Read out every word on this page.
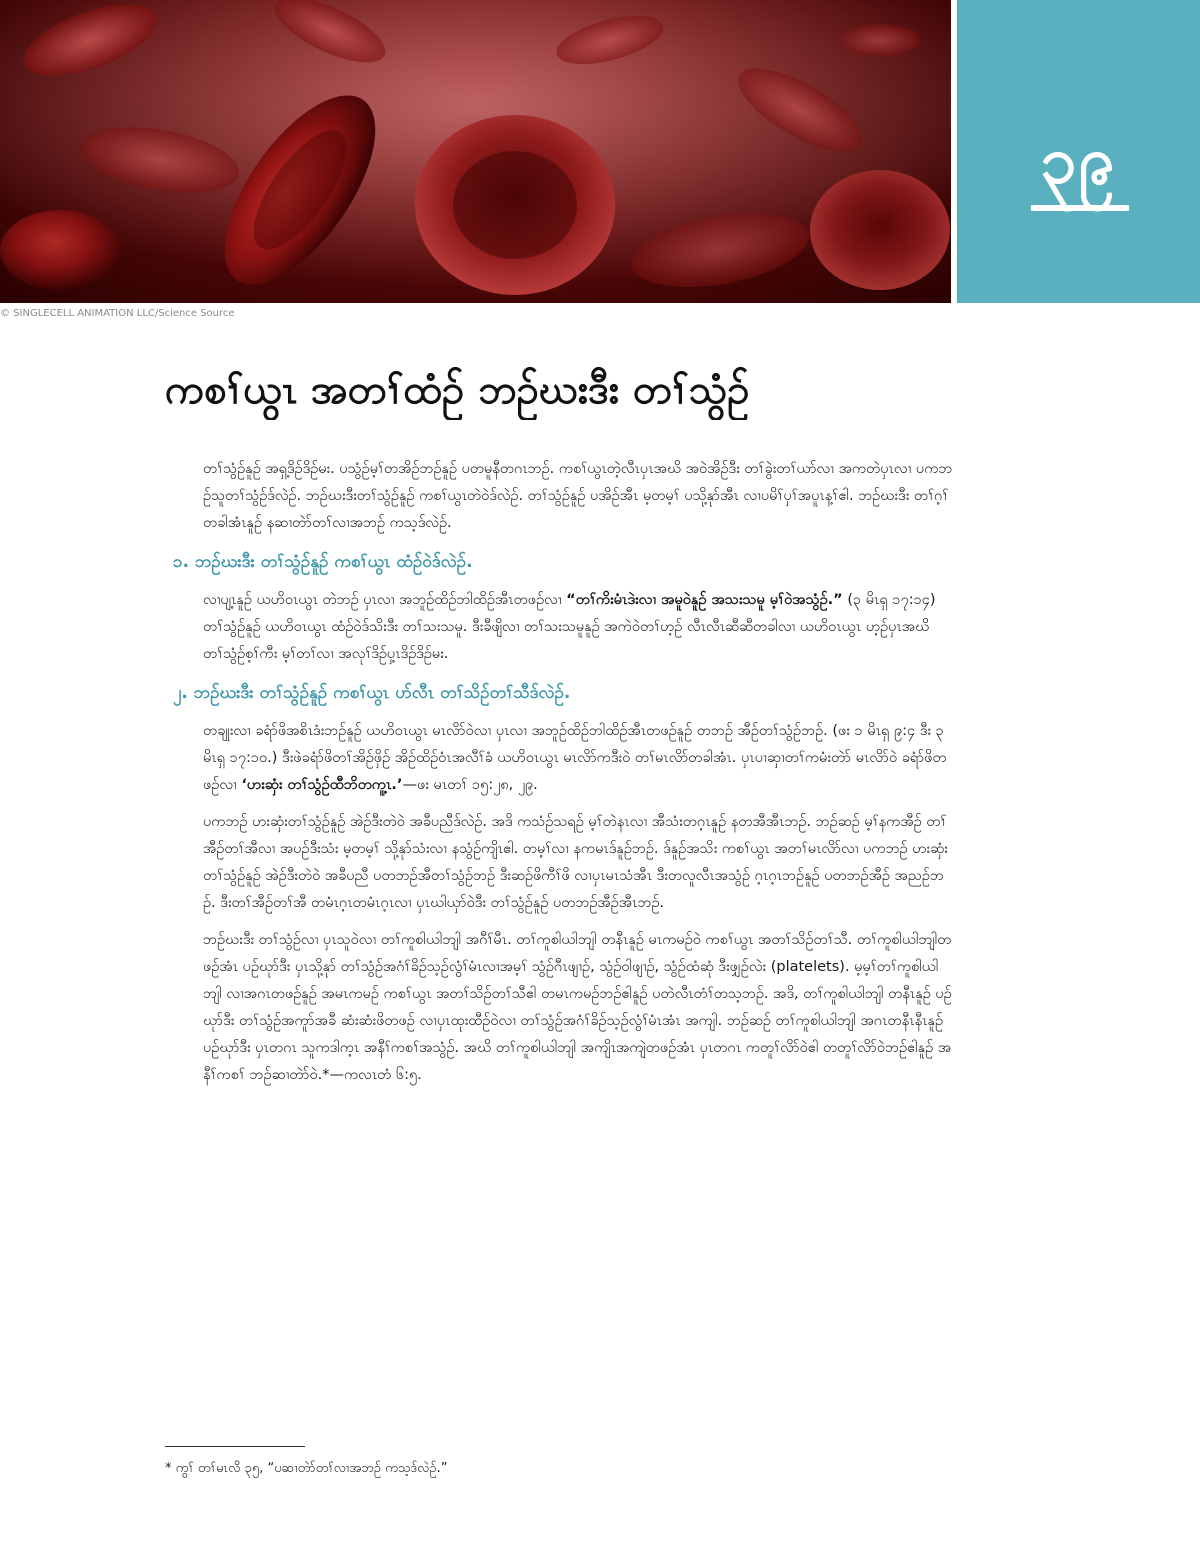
၃၉
© SINGLECELL ANIMATION LLC/Science Source
ကစၢ်ယွၤ အတၢ်ထံဉ် ဘဉ်ဃးဒီး တၢ်သွံဉ်

တၢ်သွံဉ်နူဉ် အရှ့ဒိဉ်ဒိဉ်မး. ပသွံဉ်မ့ၢ်တအိဉ်ဘဉ်နူဉ် ပတမူနီတဂၤဘဉ်. ကစၢ်ယွၤတဲ့လီၤပှၤအဃိ အဝဲအိဉ်ဒီး တၢ်ခွဲးတၢ်ယာ်လၢ အကတဲပှၤလၢ ပကဘဉ်သူတၢ်သွံဉ်ဒ်လဲဉ်. ဘဉ်ဃးဒီးတၢ်သွံဉ်နူဉ် ကစၢ်ယွၤတဲဝဲဒ်လဲဉ်. တၢ်သွံဉ်နူဉ် ပအိဉ်အီၤ မ့တမ့ၢ် ပသို့နုာ်အီၤ လၢပမိၢ်ပှၢ်အပူၤန့ၢ်ဧါ. ဘဉ်ဃးဒီး တၢ်ဂ့ၢ်တခါအံၤနူဉ် နဆၢတဲာ်တၢ်လၢအဘဉ် ကသ့ဒ်လဲဉ်.

၁. ဘဉ်ဃးဒီး တၢ်သွံဉ်နူဉ် ကစၢ်ယွၤ ထံဉ်ဝဲဒ်လဲဉ်.

လၢပျ့ၤနူဉ် ယဟိဝၤယွၤ တဲဘဉ် ပှၤလၢ အဘူဉ်ထိဉ်ဘါထိဉ်အီၤတဖဉ်လၢ “တၢ်ကိးမံၤဒဲးလၢ အမူဝဲနူဉ် အသးသမူ မ့ၢ်ဝဲအသွံဉ်.” (၃ မိၤရှ ၁၇:၁၄) တၢ်သွံဉ်နူဉ် ယဟိဝၤယွၤ ထံဉ်ဝဲဒ်သိးဒီး တၢ်သးသမူ. ဒီးခီဖျိလၢ တၢ်သးသမူနူဉ် အကဲဝဲတၢ်ဟ့ဉ် လီၤလီၤဆီဆီတခါလၢ ယဟိဝၤယွၤ ဟ့ဉ်ပှၤအဃိ တၢ်သွံဉ်စ့ၢ်ကီး မ့ၢ်တၢ်လၢ အလုၢ်ဒိဉ်ပှ့ၤဒိဉ်ဒိဉ်မး.

၂. ဘဉ်ဃးဒီး တၢ်သွံဉ်နူဉ် ကစၢ်ယွၤ ပာ်လီၤ တၢ်သိဉ်တၢ်သီဒ်လဲဉ်.

တချုးလၢ ခရံာ်ဖိအစိၤဒံးဘဉ်နူဉ် ယဟိဝၤယွၤ မၤလိာ်ဝဲလၢ ပှၤလၢ အဘူဉ်ထိဉ်ဘါထိဉ်အီၤတဖဉ်နူဉ် တဘဉ် အီဉ်တၢ်သွံဉ်ဘဉ်. (ဖး ၁ မိၤရှ ၉:၄ ဒီး ၃ မိၤရှ ၁၇:၁၀.) ဒီးဖဲခရံာ်ဖိတၢ်အိဉ်ဖှိဉ် အိဉ်ထိဉ်ဝံၤအလီၢ်ခံ ယဟိဝၤယွၤ မၤလိာ်ကဒီးဝဲ တၢ်မၤလိာ်တခါအံၤ. ပှၤပၢဆှၢတၢ်ကမံးတဲာ် မၤလိာ်ဝဲ ခရံာ်ဖိတဖဉ်လၢ ‘ဟးဆှံး တၢ်သွံဉ်ထီဘိတကူ့ၤ.’—ဖး မၤတၢ် ၁၅:၂၈, ၂၉.

ပကဘဉ် ဟးဆှံးတၢ်သွံဉ်နူဉ် အဲဉ်ဒီးတဲဝဲ အခီပညီဒ်လဲဉ်. အဒိ ကသံဉ်သရဉ် မ့ၢ်တဲနၤလၢ အီသံးတဂ့ၤနူဉ် နတအီအီၤဘဉ်. ဘဉ်ဆဉ် မ့ၢ်နကအီဉ် တၢ်အီဉ်တၢ်အီလၢ အပဉ်ဒီးသံး မ့တမ့ၢ် သို့နုာ်သံးလၢ နသွံဉ်ကျိၤဧါ. တမ့ၢ်လၢ နကမၤဒ်နူဉ်ဘဉ်. ဒ်နူဉ်အသိး ကစၢ်ယွၤ အတၢ်မၤလိာ်လၢ ပကဘဉ် ဟးဆှံးတၢ်သွံဉ်နူဉ် အဲဉ်ဒီးတဲဝဲ အခီပညီ ပတဘဉ်အီတၢ်သွံဉ်ဘဉ် ဒီးဆဉ်ဖိကီၢ်ဖိ လၢပှၤမၤသံအီၤ ဒီးတလူလီၤအသွံဉ် ဂ့ၤဂ့ၤဘဉ်နူဉ် ပတဘဉ်အီဉ် အညဉ်ဘဉ်. ဒီးတၢ်အီဉ်တၢ်အီ တမံၤဂ့ၤတမံၤဂ့ၤလၢ ပှၤဃါယှာ်ဝဲဒီး တၢ်သွံဉ်နူဉ် ပတဘဉ်အီဉ်အီၤဘဉ်.

ဘဉ်ဃးဒီး တၢ်သွံဉ်လၢ ပှၤသူဝဲလၢ တၢ်ကူစါယါဘျါ အဂီၢ်မီၤ. တၢ်ကူစါယါဘျါ တနီၤနူဉ် မၤကမဉ်ဝဲ ကစၢ်ယွၤ အတၢ်သိဉ်တၢ်သီ. တၢ်ကူစါယါဘျါတဖဉ်အံၤ ပဉ်ဃုာ်ဒီး ပှၤသို့နုာ် တၢ်သွံဉ်အဂံၢ်ခိဉ်သ့ဉ်လွံၢ်မံၤလၢအမ့ၢ် သွံဉ်ဂီၤဖျၢဉ်, သွံဉ်ဝါဖျၢဉ်, သွံဉ်ထံဆုံ ဒီးဖျှဉ်လဲး (platelets). မ့မ့ၢ်တၢ်ကူစါယါဘျါ လၢအဂၤတဖဉ်နူဉ် အမၤကမဉ် ကစၢ်ယွၤ အတၢ်သိဉ်တၢ်သီဧါ တမၤကမဉ်ဘဉ်ဧါနူဉ် ပတဲလီၤတံၢ်တသ့ဘဉ်. အဒိ, တၢ်ကူစါယါဘျါ တနီၤနူဉ် ပဉ်ဃုာ်ဒီး တၢ်သွံဉ်အကူာ်အခီ ဆံးဆံးဖိတဖဉ် လၢပှၤထုးထီဉ်ဝဲလၢ တၢ်သွံဉ်အဂံၢ်ခိဉ်သ့ဉ်လွံၢ်မံၤအံၤ အကျါ. ဘဉ်ဆဉ် တၢ်ကူစါယါဘျါ အဂၤတနီၤနီၤနူဉ် ပဉ်ဃုာ်ဒီး ပှၤတဂၤ သူကဒါက့ၤ အနီၢ်ကစၢ်အသွံဉ်. အဃိ တၢ်ကူစါယါဘျါ အကျိၤအကျဲတဖဉ်အံၤ ပှၤတဂၤ ကတူၢ်လိာ်ဝဲဧါ တတူၢ်လိာ်ဝဲဘဉ်ဧါနူဉ် အနီၢ်ကစၢ် ဘဉ်ဆၢတဲာ်ဝဲ.*—ကလၤတံ ၆:၅.

* ကွၢ် တၢ်မၤလိ ၃၅, “ပဆၢတဲာ်တၢ်လၢအဘဉ် ကသ့ဒ်လဲဉ်.”
